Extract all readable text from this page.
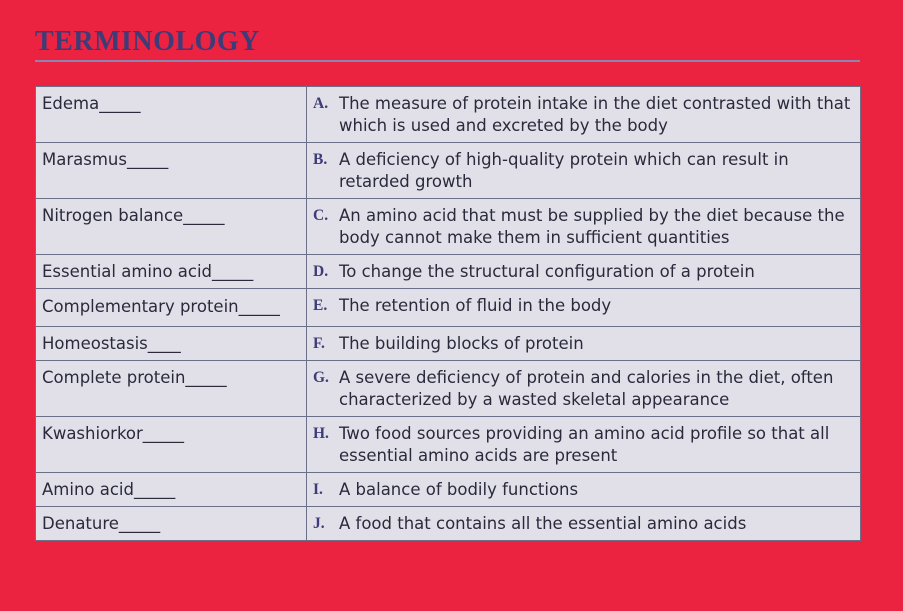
TERMINOLOGY
Edema_____	A. The measure of protein intake in the diet contrasted with that which is used and excreted by the body

Marasmus_____	B. A deficiency of high-quality protein which can result in retarded growth

Nitrogen balance_____	C. An amino acid that must be supplied by the diet because the body cannot make them in sufficient quantities

Essential amino acid_____	D. To change the structural configuration of a protein

Complementary protein_____	E. The retention of fluid in the body

Homeostasis____	F. The building blocks of protein

Complete protein_____	G. A severe deficiency of protein and calories in the diet, often characterized by a wasted skeletal appearance

Kwashiorkor_____	H. Two food sources providing an amino acid profile so that all essential amino acids are present

Amino acid_____	I. A balance of bodily functions

Denature_____	J. A food that contains all the essential amino acids
